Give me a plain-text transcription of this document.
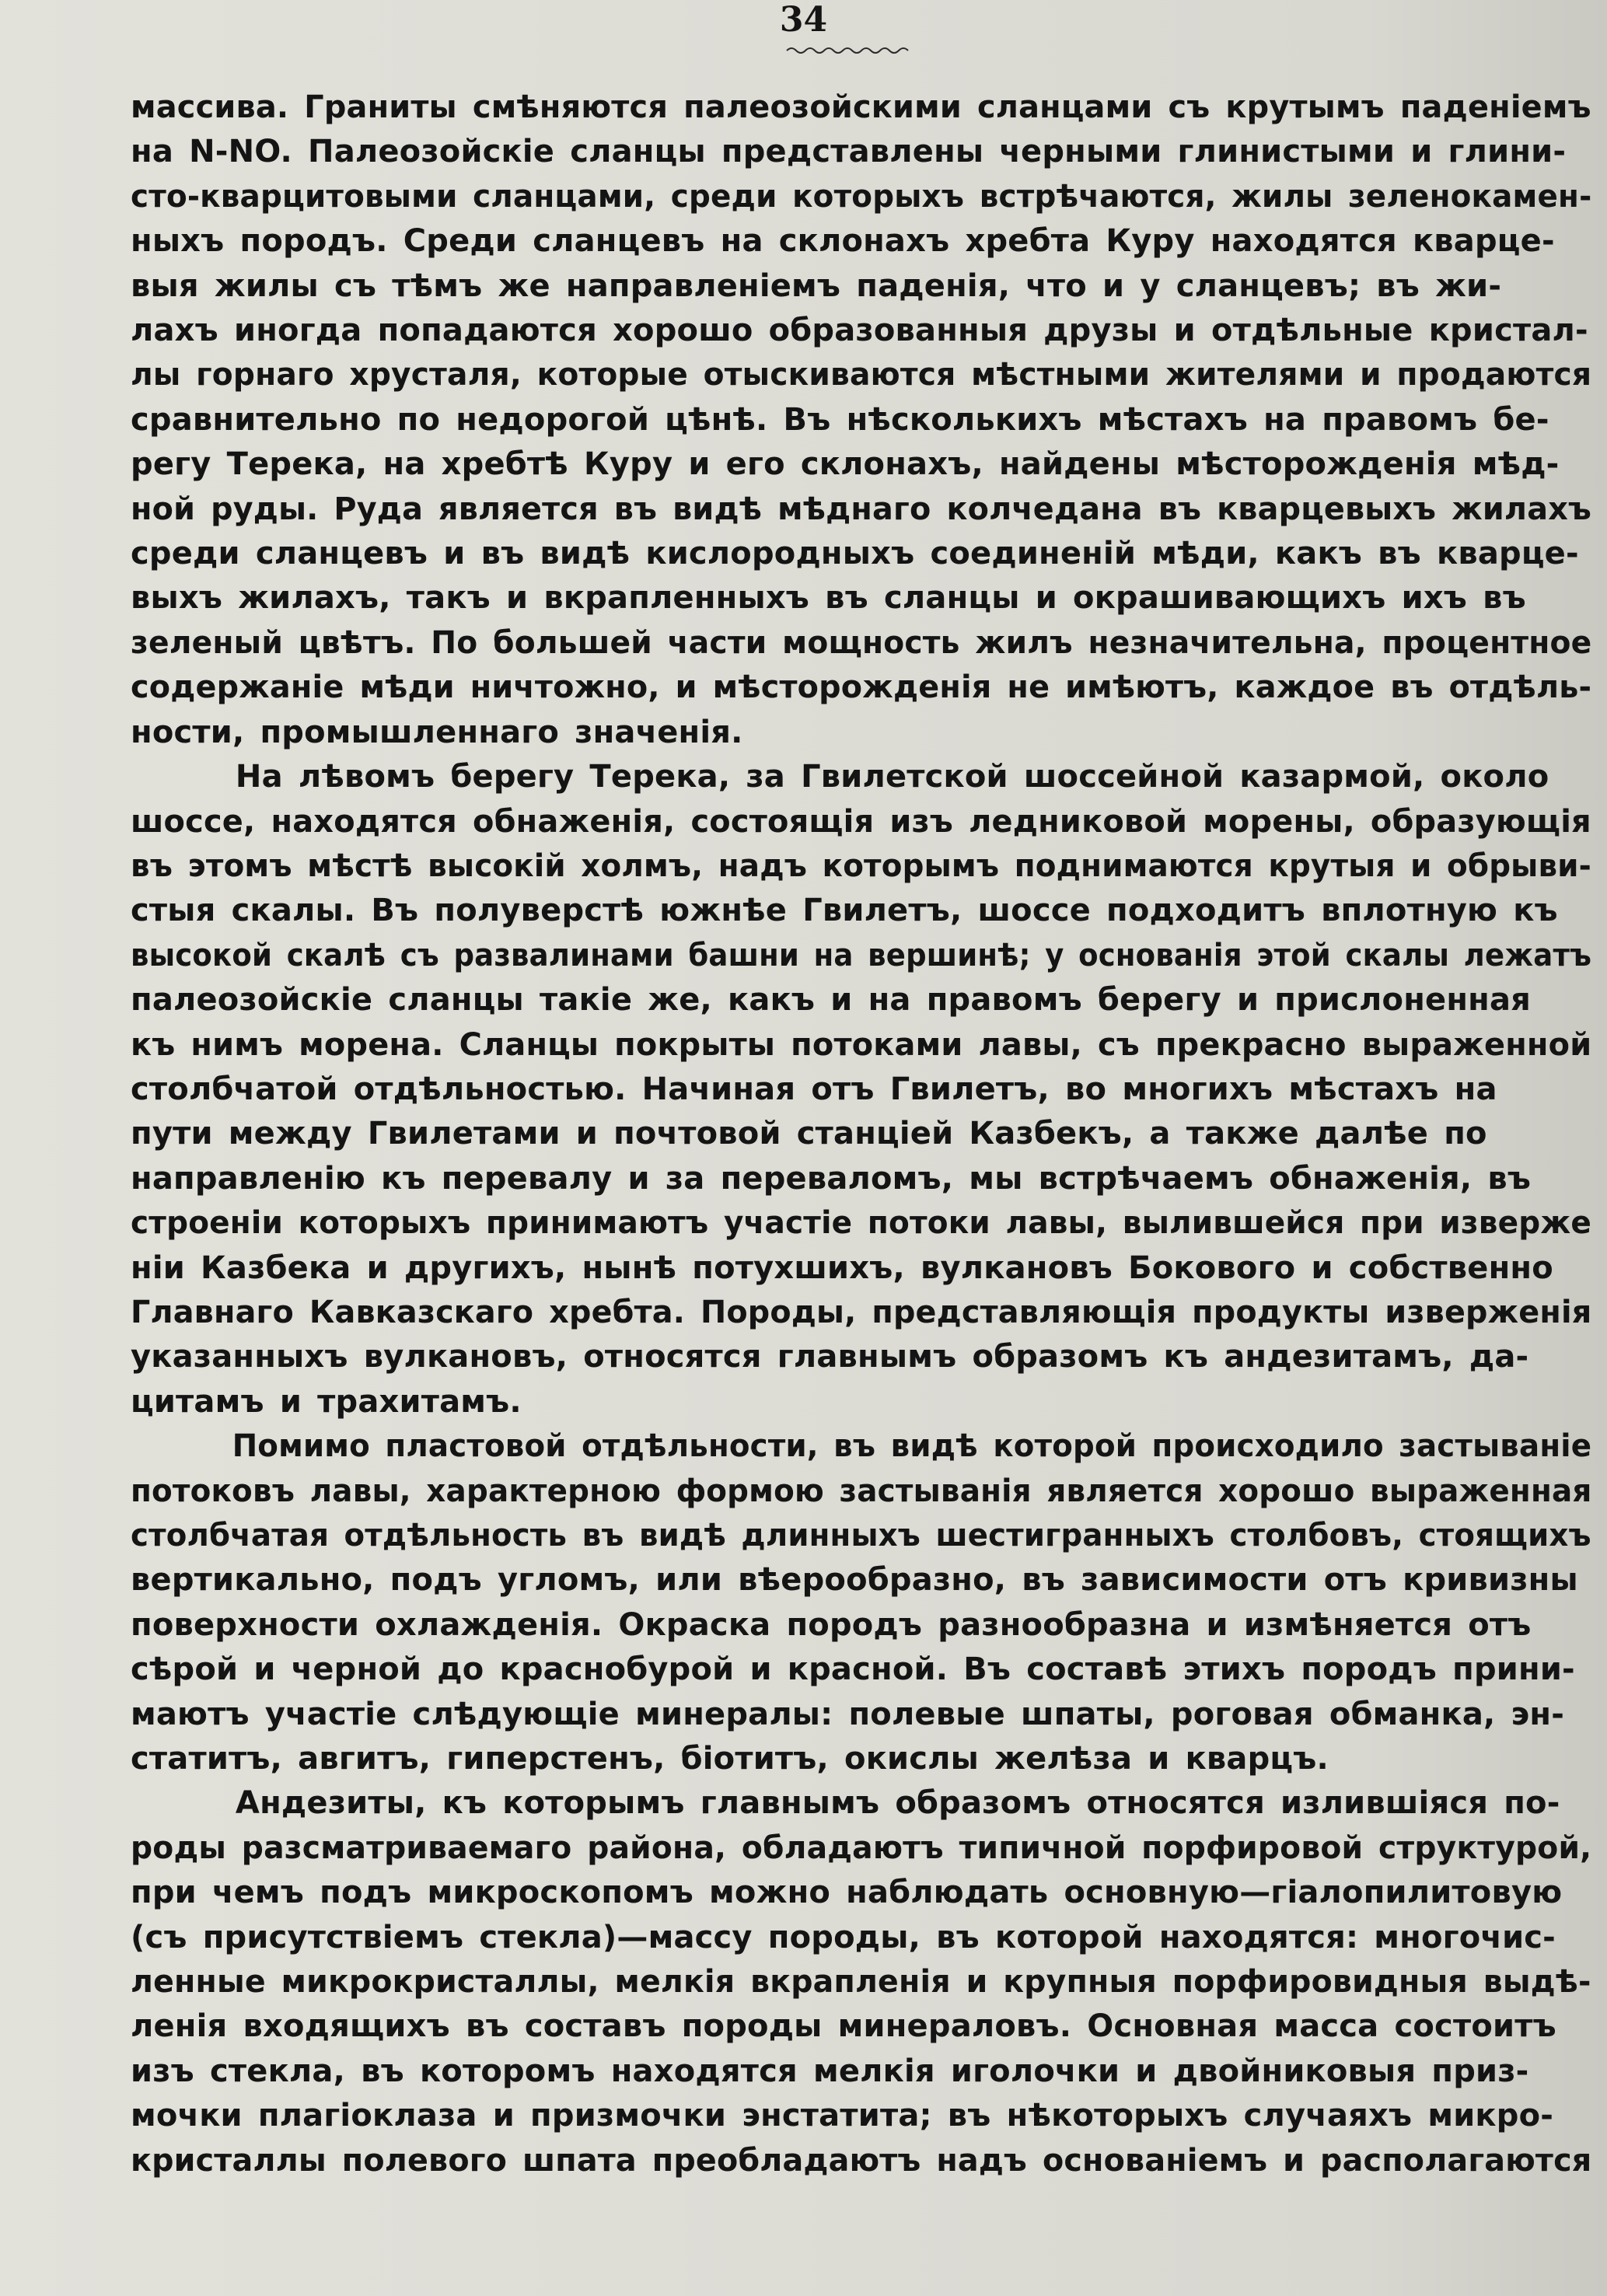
34
массива. Граниты смѣняются палеозойскими сланцами съ крутымъ паденіемъ
на N-NO. Палеозойскіе сланцы представлены черными глинистыми и глини-
сто-кварцитовыми сланцами, среди которыхъ встрѣчаются, жилы зеленокамен-
ныхъ породъ. Среди сланцевъ на склонахъ хребта Куру находятся кварце-
выя жилы съ тѣмъ же направленіемъ паденія, что и у сланцевъ; въ жи-
лахъ иногда попадаются хорошо образованныя друзы и отдѣльные кристал-
лы горнаго хрусталя, которые отыскиваются мѣстными жителями и продаются
сравнительно по недорогой цѣнѣ. Въ нѣсколькихъ мѣстахъ на правомъ бе-
регу Терека, на хребтѣ Куру и его склонахъ, найдены мѣсторожденія мѣд-
ной руды. Руда является въ видѣ мѣднаго колчедана въ кварцевыхъ жилахъ
среди сланцевъ и въ видѣ кислородныхъ соединеній мѣди, какъ въ кварце-
выхъ жилахъ, такъ и вкрапленныхъ въ сланцы и окрашивающихъ ихъ въ
зеленый цвѣтъ. По большей части мощность жилъ незначительна, процентное
содержаніе мѣди ничтожно, и мѣсторожденія не имѣютъ, каждое въ отдѣль-
ности, промышленнаго значенія.
На лѣвомъ берегу Терека, за Гвилетской шоссейной казармой, около
шоссе, находятся обнаженія, состоящія изъ ледниковой морены, образующія
въ этомъ мѣстѣ высокій холмъ, надъ которымъ поднимаются крутыя и обрыви-
стыя скалы. Въ полуверстѣ южнѣе Гвилетъ, шоссе подходитъ вплотную къ
высокой скалѣ съ развалинами башни на вершинѣ; у основанія этой скалы лежатъ
палеозойскіе сланцы такіе же, какъ и на правомъ берегу и прислоненная
къ нимъ морена. Сланцы покрыты потоками лавы, съ прекрасно выраженной
столбчатой отдѣльностью. Начиная отъ Гвилетъ, во многихъ мѣстахъ на
пути между Гвилетами и почтовой станціей Казбекъ, а также далѣе по
направленію къ перевалу и за переваломъ, мы встрѣчаемъ обнаженія, въ
строеніи которыхъ принимаютъ участіе потоки лавы, вылившейся при изверже
ніи Казбека и другихъ, нынѣ потухшихъ, вулкановъ Бокового и собственно
Главнаго Кавказскаго хребта. Породы, представляющія продукты изверженія
указанныхъ вулкановъ, относятся главнымъ образомъ къ андезитамъ, да-
цитамъ и трахитамъ.
Помимо пластовой отдѣльности, въ видѣ которой происходило застываніе
потоковъ лавы, характерною формою застыванія является хорошо выраженная
столбчатая отдѣльность въ видѣ длинныхъ шестигранныхъ столбовъ, стоящихъ
вертикально, подъ угломъ, или вѣерообразно, въ зависимости отъ кривизны
поверхности охлажденія. Окраска породъ разнообразна и измѣняется отъ
сѣрой и черной до краснобурой и красной. Въ составѣ этихъ породъ прини-
маютъ участіе слѣдующіе минералы: полевые шпаты, роговая обманка, эн-
статитъ, авгитъ, гиперстенъ, біотитъ, окислы желѣза и кварцъ.
Андезиты, къ которымъ главнымъ образомъ относятся излившіяся по-
роды разсматриваемаго района, обладаютъ типичной порфировой структурой,
при чемъ подъ микроскопомъ можно наблюдать основную—гіалопилитовую
(съ присутствіемъ стекла)—массу породы, въ которой находятся: многочис-
ленные микрокристаллы, мелкія вкрапленія и крупныя порфировидныя выдѣ-
ленія входящихъ въ составъ породы минераловъ. Основная масса состоитъ
изъ стекла, въ которомъ находятся мелкія иголочки и двойниковыя приз-
мочки плагіоклаза и призмочки энстатита; въ нѣкоторыхъ случаяхъ микро-
кристаллы полевого шпата преобладаютъ надъ основаніемъ и располагаются
